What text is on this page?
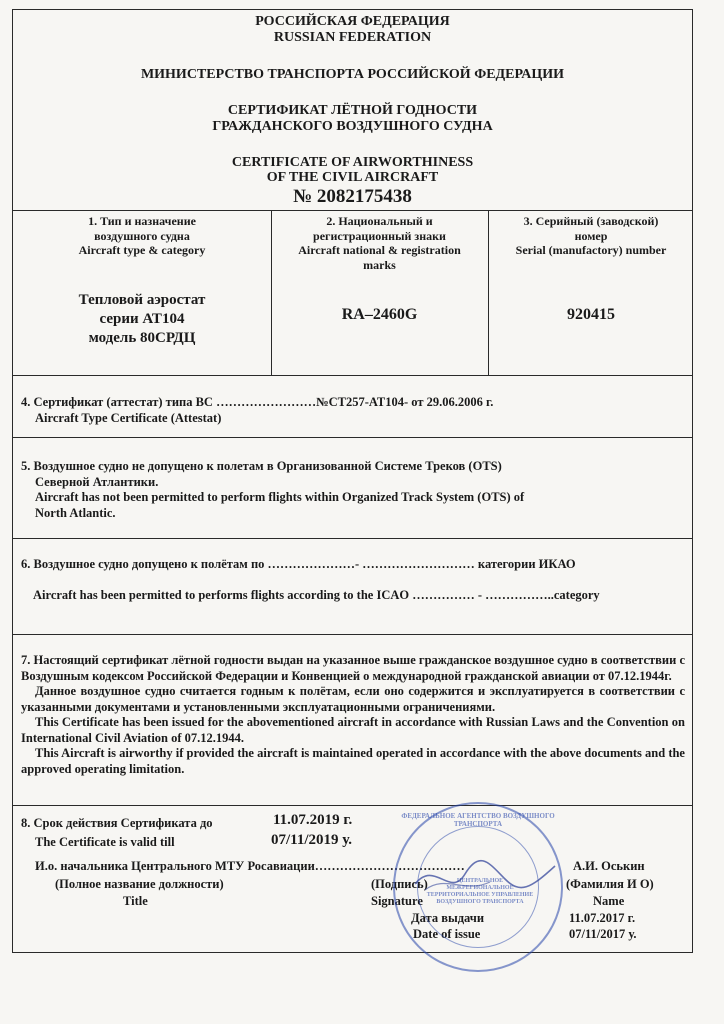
РОССИЙСКАЯ ФЕДЕРАЦИЯ
RUSSIAN FEDERATION
МИНИСТЕРСТВО ТРАНСПОРТА РОССИЙСКОЙ ФЕДЕРАЦИИ
СЕРТИФИКАТ ЛЁТНОЙ ГОДНОСТИ
ГРАЖДАНСКОГО ВОЗДУШНОГО СУДНА
CERTIFICATE OF AIRWORTHINESS
OF THE CIVIL AIRCRAFT
№ 2082175438
1. Тип и назначение
воздушного судна
Aircraft type & category
Тепловой аэростат
серии АТ104
модель 80СРДЦ
2. Национальный и
регистрационный знаки
Aircraft national & registration
marks
RA–2460G
3. Серийный (заводской)
номер
Serial (manufactory) number
920415
4. Сертификат (аттестат) типа ВС ……………………№СТ257-АТ104- от 29.06.2006 г.
Aircraft Type Certificate (Attestat)
5. Воздушное судно не допущено к полетам в Организованной Системе Треков (OTS)
Северной Атлантики.
Aircraft has not been permitted to perform flights within Organized Track System (OTS) of
North Atlantic.
6. Воздушное судно допущено к полётам по …………………- ……………………… категории ИКАО
Aircraft has been permitted to performs flights according to the ICAO …………… - ……………..category
7. Настоящий сертификат лётной годности выдан на указанное выше гражданское воздушное судно в соответствии с Воздушным кодексом Российской Федерации и Конвенцией о международной гражданской авиации от 07.12.1944г.
Данное воздушное судно считается годным к полётам, если оно содержится и эксплуатируется в соответствии с указанными документами и установленными эксплуатационными ограничениями.
This Certificate has been issued for the abovementioned aircraft in accordance with Russian Laws and the Convention on International Civil Aviation of 07.12.1944.
This Aircraft is airworthy if provided the aircraft is maintained operated in accordance with the above documents and the approved operating limitation.
8. Срок действия Сертификата до
The Certificate is valid till
11.07.2019 г.
07/11/2019 у.
И.о. начальника Центрального МТУ Росавиации………………………………
(Полное название должности)
Title
(Подпись)
Signature
Дата выдачи
Date of issue
А.И. Оськин
(Фамилия И О)
Name
11.07.2017 г.
07/11/2017 у.
ФЕДЕРАЛЬНОЕ АГЕНТСТВО ВОЗДУШНОГО ТРАНСПОРТА
ЦЕНТРАЛЬНОЕ МЕЖРЕГИОНАЛЬНОЕ ТЕРРИТОРИАЛЬНОЕ УПРАВЛЕНИЕ ВОЗДУШНОГО ТРАНСПОРТА
